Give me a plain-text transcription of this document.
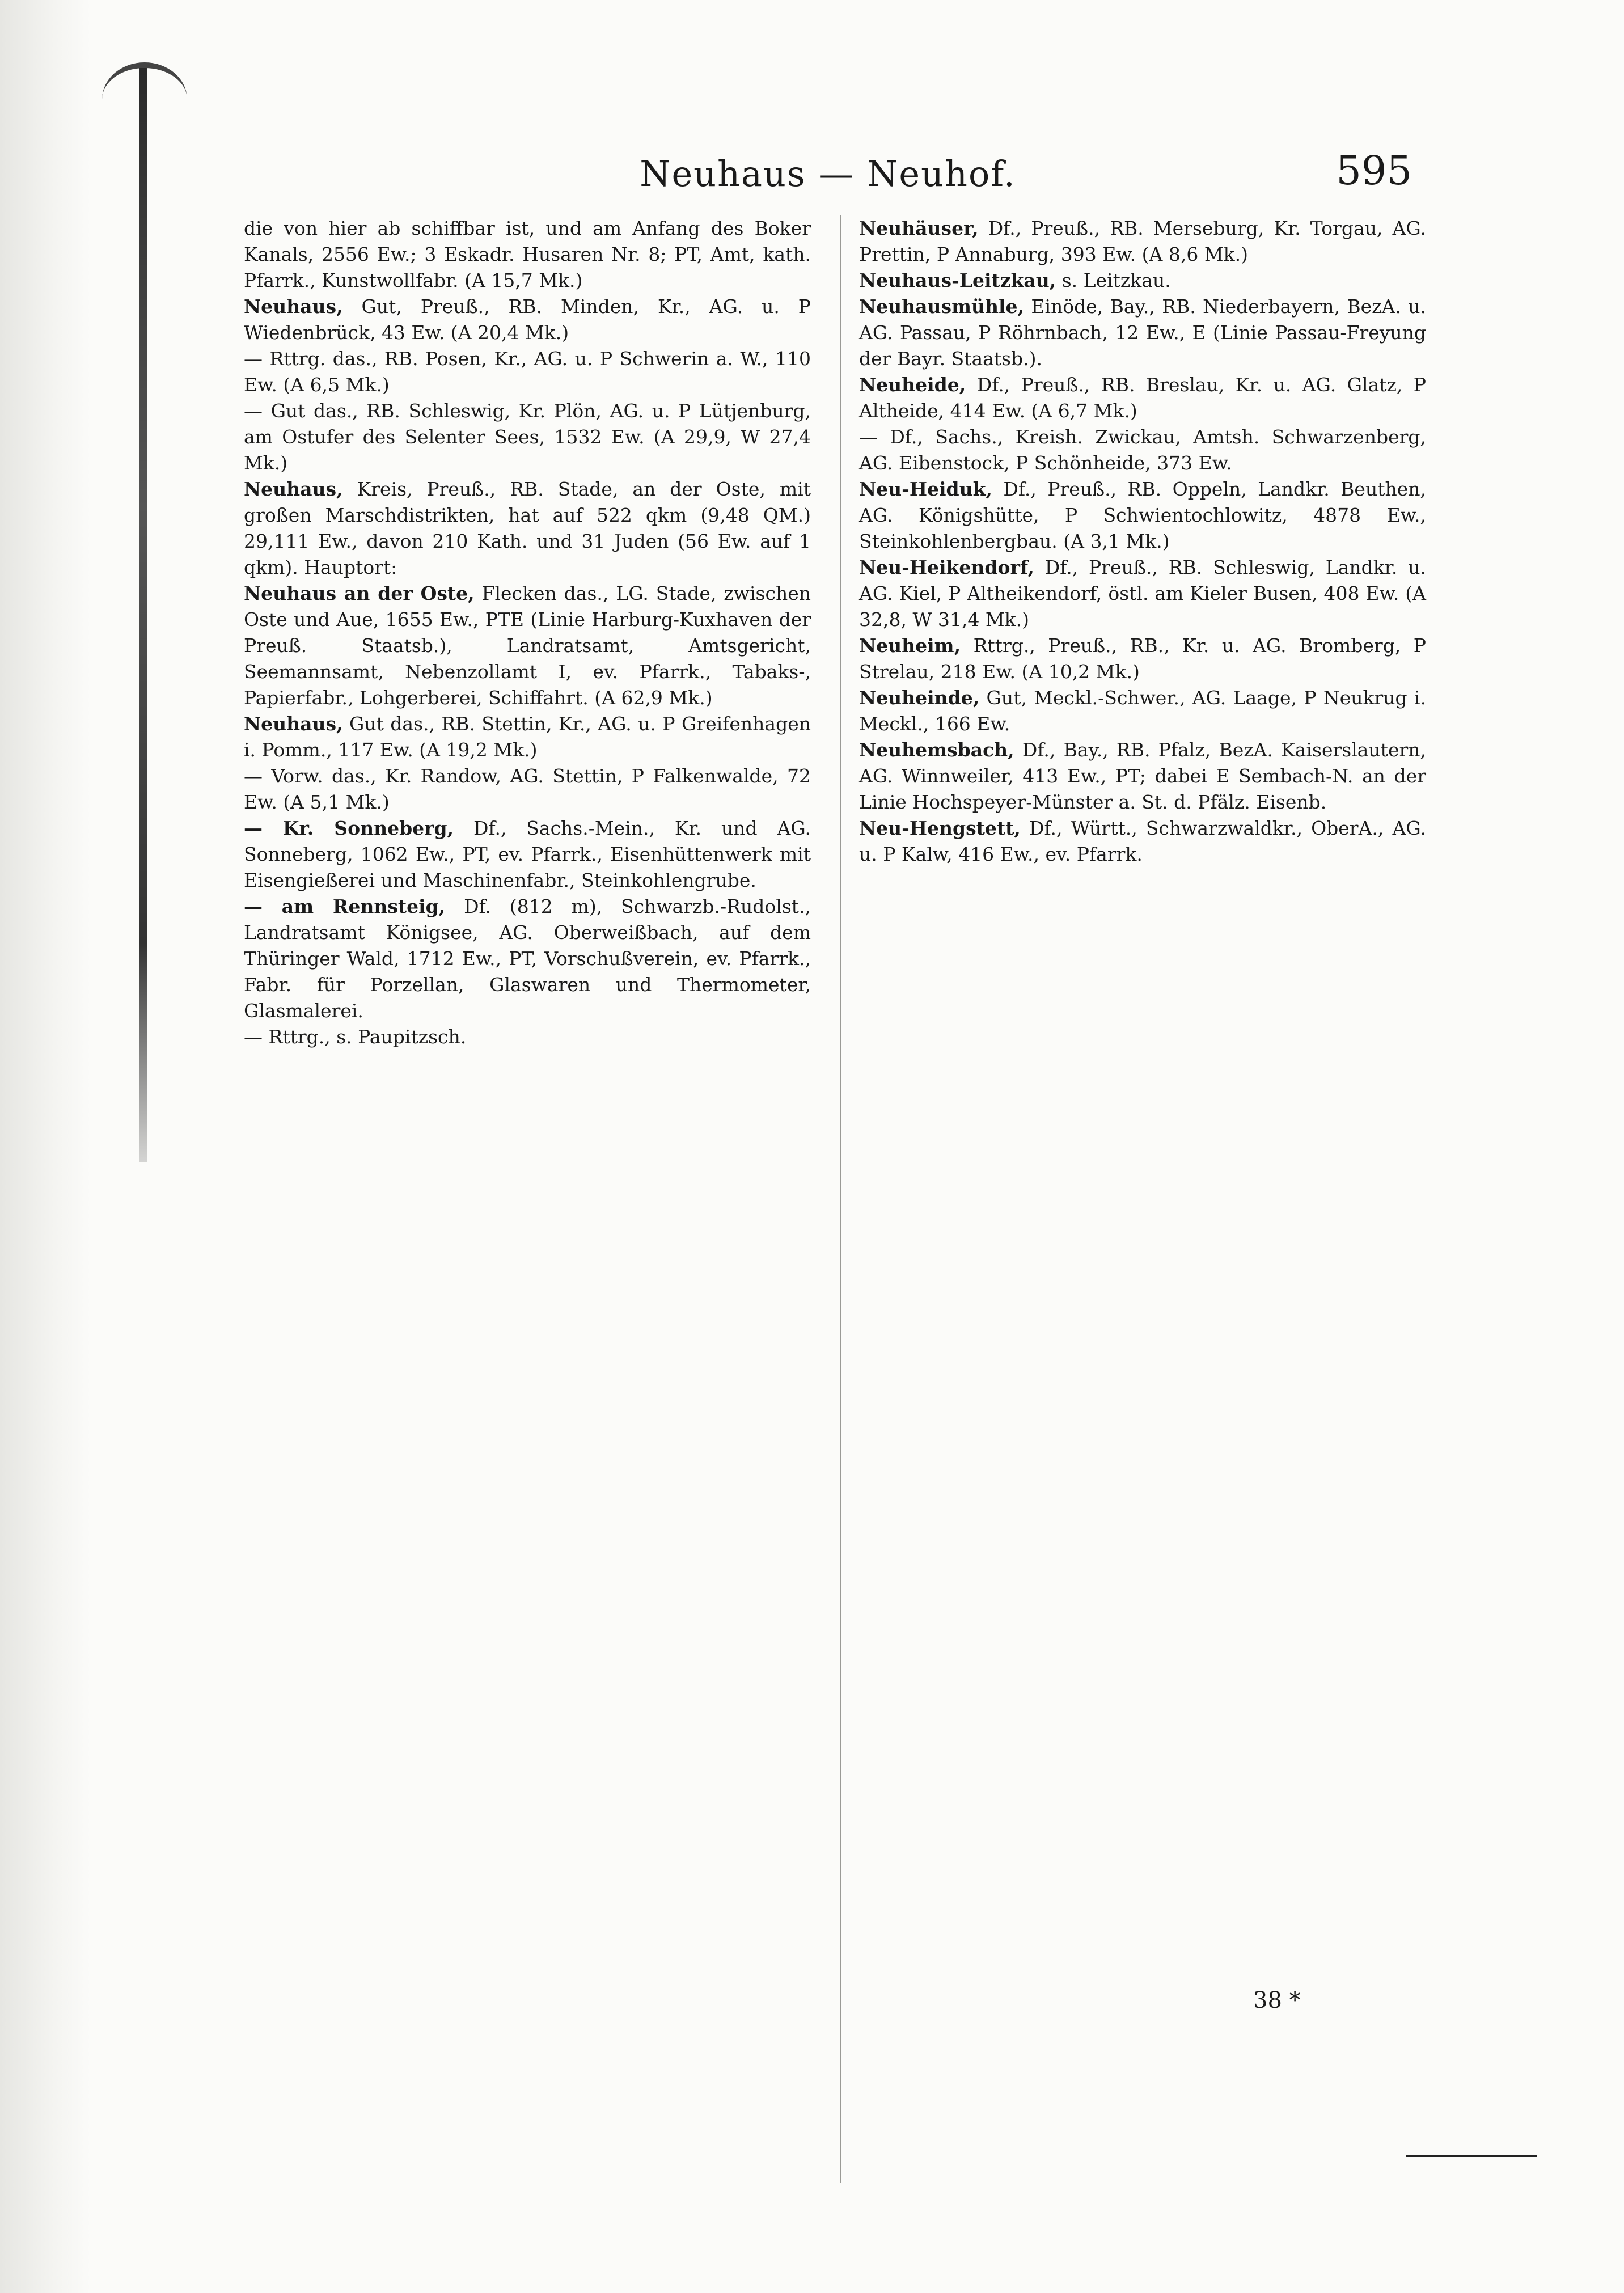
Neuhaus — Neuhof.	595

die von hier ab schiffbar ist, und am Anfang des Boker Kanals, 2556 Ew.; 3 Eskadr. Husaren Nr. 8; PT, Amt, kath. Pfarrk., Kunstwollfabr. (A 15,7 Mk.)

Neuhaus, Gut, Preuß., RB. Minden, Kr., AG. u. P Wiedenbrück, 43 Ew. (A 20,4 Mk.)

— Rttrg. das., RB. Posen, Kr., AG. u. P Schwerin a. W., 110 Ew. (A 6,5 Mk.)

— Gut das., RB. Schleswig, Kr. Plön, AG. u. P Lütjenburg, am Ostufer des Selenter Sees, 1532 Ew. (A 29,9, W 27,4 Mk.)

Neuhaus, Kreis, Preuß., RB. Stade, an der Oste, mit großen Marschdistrikten, hat auf 522 qkm (9,48 QM.) 29,111 Ew., davon 210 Kath. und 31 Juden (56 Ew. auf 1 qkm). Hauptort:

Neuhaus an der Oste, Flecken das., LG. Stade, zwischen Oste und Aue, 1655 Ew., PTE (Linie Harburg-Kuxhaven der Preuß. Staatsb.), Landratsamt, Amtsgericht, Seemannsamt, Nebenzollamt I, ev. Pfarrk., Tabaks-, Papierfabr., Lohgerberei, Schiffahrt. (A 62,9 Mk.)

Neuhaus, Gut das., RB. Stettin, Kr., AG. u. P Greifenhagen i. Pomm., 117 Ew. (A 19,2 Mk.)

— Vorw. das., Kr. Randow, AG. Stettin, P Falkenwalde, 72 Ew. (A 5,1 Mk.)

— Kr. Sonneberg, Df., Sachs.-Mein., Kr. und AG. Sonneberg, 1062 Ew., PT, ev. Pfarrk., Eisenhüttenwerk mit Eisengießerei und Maschinenfabr., Steinkohlengrube.

— am Rennsteig, Df. (812 m), Schwarzb.-Rudolst., Landratsamt Königsee, AG. Oberweißbach, auf dem Thüringer Wald, 1712 Ew., PT, Vorschußverein, ev. Pfarrk., Fabr. für Porzellan, Glaswaren und Thermometer, Glasmalerei.

— Rttrg., s. Paupitzsch.

Neuhäuser, Df., Preuß., RB. Merseburg, Kr. Torgau, AG. Prettin, P Annaburg, 393 Ew. (A 8,6 Mk.)

Neuhaus-Leitzkau, s. Leitzkau.

Neuhausmühle, Einöde, Bay., RB. Niederbayern, BezA. u. AG. Passau, P Röhrnbach, 12 Ew., E (Linie Passau-Freyung der Bayr. Staatsb.).

Neuheide, Df., Preuß., RB. Breslau, Kr. u. AG. Glatz, P Altheide, 414 Ew. (A 6,7 Mk.)

— Df., Sachs., Kreish. Zwickau, Amtsh. Schwarzenberg, AG. Eibenstock, P Schönheide, 373 Ew.

Neu-Heiduk, Df., Preuß., RB. Oppeln, Landkr. Beuthen, AG. Königshütte, P Schwientochlowitz, 4878 Ew., Steinkohlenbergbau. (A 3,1 Mk.)

Neu-Heikendorf, Df., Preuß., RB. Schleswig, Landkr. u. AG. Kiel, P Altheikendorf, östl. am Kieler Busen, 408 Ew. (A 32,8, W 31,4 Mk.)

Neuheim, Rttrg., Preuß., RB., Kr. u. AG. Bromberg, P Strelau, 218 Ew. (A 10,2 Mk.)

Neuheinde, Gut, Meckl.-Schwer., AG. Laage, P Neukrug i. Meckl., 166 Ew.

Neuhemsbach, Df., Bay., RB. Pfalz, BezA. Kaiserslautern, AG. Winnweiler, 413 Ew., PT; dabei E Sembach-N. an der Linie Hochspeyer-Münster a. St. d. Pfälz. Eisenb.

Neu-Hengstett, Df., Württ., Schwarzwaldkr., OberA., AG. u. P Kalw, 416 Ew., ev. Pfarrk.

38 *
